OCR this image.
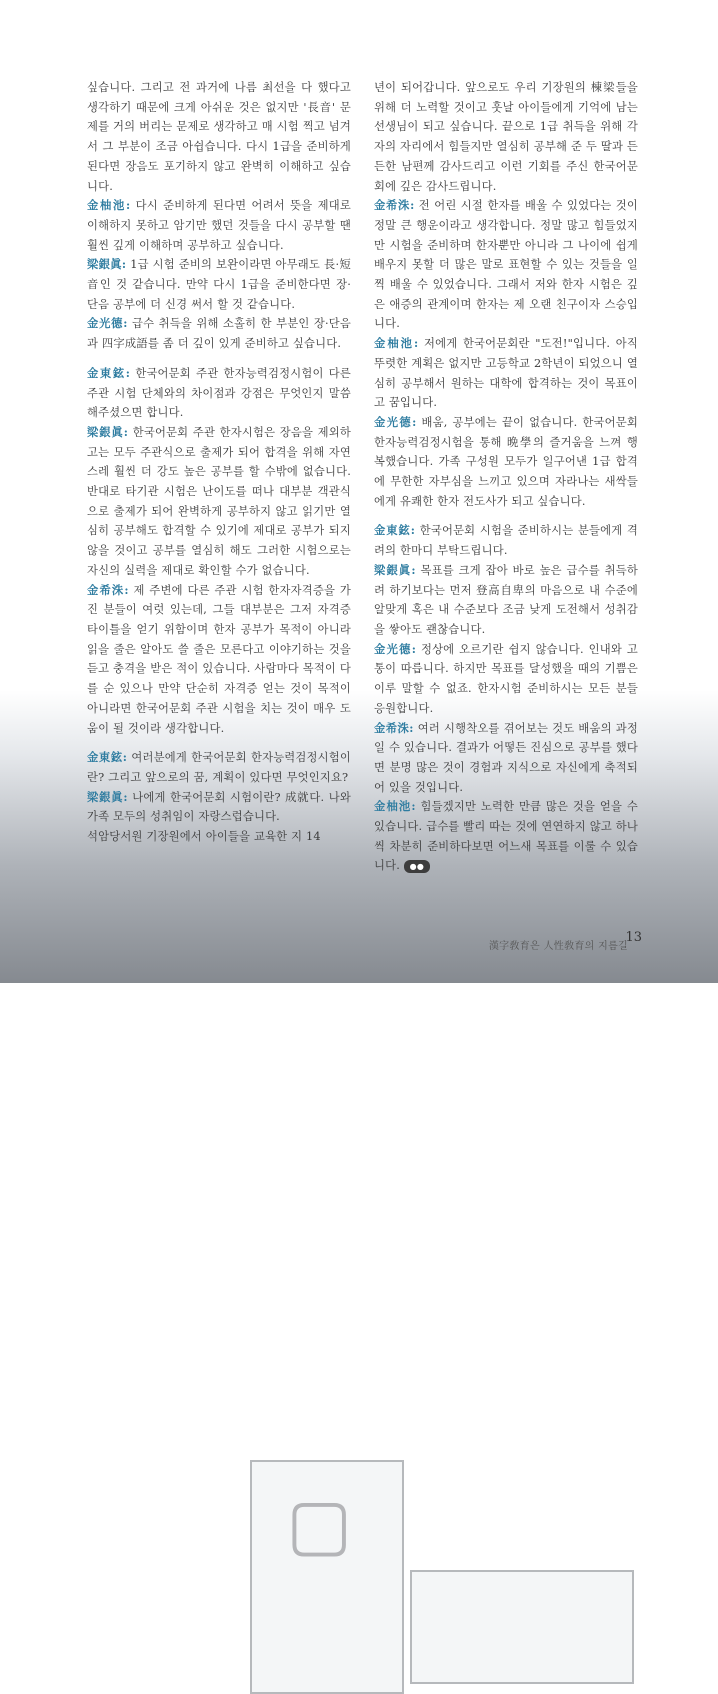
▢

싶습니다. 그리고 전 과거에 나름 최선을 다 했다고 생각하기 때문에 크게 아쉬운 것은 없지만 '長音' 문제를 거의 버리는 문제로 생각하고 매 시험 찍고 넘겨서 그 부분이 조금 아쉽습니다. 다시 1급을 준비하게 된다면 장음도 포기하지 않고 완벽히 이해하고 싶습니다.

金柚池: 다시 준비하게 된다면 어려서 뜻을 제대로 이해하지 못하고 암기만 했던 것들을 다시 공부할 땐 훨씬 깊게 이해하며 공부하고 싶습니다.

梁銀眞: 1급 시험 준비의 보완이라면 아무래도 長·短音인 것 같습니다. 만약 다시 1급을 준비한다면 장·단음 공부에 더 신경 써서 할 것 같습니다.

金光德: 급수 취득을 위해 소홀히 한 부분인 장·단음과 四字成語를 좀 더 깊이 있게 준비하고 싶습니다.

金東鉉: 한국어문회 주관 한자능력검정시험이 다른 주관 시험 단체와의 차이점과 강점은 무엇인지 말씀해주셨으면 합니다.

梁銀眞: 한국어문회 주관 한자시험은 장음을 제외하고는 모두 주관식으로 출제가 되어 합격을 위해 자연스레 훨씬 더 강도 높은 공부를 할 수밖에 없습니다. 반대로 타기관 시험은 난이도를 떠나 대부분 객관식으로 출제가 되어 완벽하게 공부하지 않고 읽기만 열심히 공부해도 합격할 수 있기에 제대로 공부가 되지 않을 것이고 공부를 열심히 해도 그러한 시험으로는 자신의 실력을 제대로 확인할 수가 없습니다.

金希洙: 제 주변에 다른 주관 시험 한자자격증을 가진 분들이 여럿 있는데, 그들 대부분은 그저 자격증 타이틀을 얻기 위함이며 한자 공부가 목적이 아니라 읽을 줄은 알아도 쓸 줄은 모른다고 이야기하는 것을 듣고 충격을 받은 적이 있습니다. 사람마다 목적이 다를 순 있으나 만약 단순히 자격증 얻는 것이 목적이 아니라면 한국어문회 주관 시험을 치는 것이 매우 도움이 될 것이라 생각합니다.

金東鉉: 여러분에게 한국어문회 한자능력검정시험이란? 그리고 앞으로의 꿈, 계획이 있다면 무엇인지요?

梁銀眞: 나에게 한국어문회 시험이란? 成就다. 나와 가족 모두의 성취임이 자랑스럽습니다.

석암당서원 기장원에서 아이들을 교육한 지 14

년이 되어갑니다. 앞으로도 우리 기장원의 棟梁들을 위해 더 노력할 것이고 훗날 아이들에게 기억에 남는 선생님이 되고 싶습니다. 끝으로 1급 취득을 위해 각자의 자리에서 힘들지만 열심히 공부해 준 두 딸과 든든한 남편께 감사드리고 이런 기회를 주신 한국어문회에 깊은 감사드립니다.

金希洙: 전 어린 시절 한자를 배울 수 있었다는 것이 정말 큰 행운이라고 생각합니다. 정말 많고 힘들었지만 시험을 준비하며 한자뿐만 아니라 그 나이에 쉽게 배우지 못할 더 많은 말로 표현할 수 있는 것들을 일찍 배울 수 있었습니다. 그래서 저와 한자 시험은 깊은 애증의 관계이며 한자는 제 오랜 친구이자 스승입니다.

金柚池: 저에게 한국어문회란 "도전!"입니다. 아직 뚜렷한 계획은 없지만 고등학교 2학년이 되었으니 열심히 공부해서 원하는 대학에 합격하는 것이 목표이고 꿈입니다.

金光德: 배움, 공부에는 끝이 없습니다. 한국어문회 한자능력검정시험을 통해 晩學의 즐거움을 느껴 행복했습니다. 가족 구성원 모두가 일구어낸 1급 합격에 무한한 자부심을 느끼고 있으며 자라나는 새싹들에게 유쾌한 한자 전도사가 되고 싶습니다.

金東鉉: 한국어문회 시험을 준비하시는 분들에게 격려의 한마디 부탁드립니다.

梁銀眞: 목표를 크게 잡아 바로 높은 급수를 취득하려 하기보다는 먼저 登高自卑의 마음으로 내 수준에 알맞게 혹은 내 수준보다 조금 낮게 도전해서 성취감을 쌓아도 괜찮습니다.

金光德: 정상에 오르기란 쉽지 않습니다. 인내와 고통이 따릅니다. 하지만 목표를 달성했을 때의 기쁨은 이루 말할 수 없죠. 한자시험 준비하시는 모든 분들 응원합니다.

金希洙: 여러 시행착오를 겪어보는 것도 배움의 과정일 수 있습니다. 결과가 어떻든 진심으로 공부를 했다면 분명 많은 것이 경험과 지식으로 자신에게 축적되어 있을 것입니다.

金柚池: 힘들겠지만 노력한 만큼 많은 것을 얻을 수 있습니다. 급수를 빨리 따는 것에 연연하지 않고 하나씩 차분히 준비하다보면 어느새 목표를 이룰 수 있습니다. ●●

漢字敎育은 人性敎育의 지름길
13
